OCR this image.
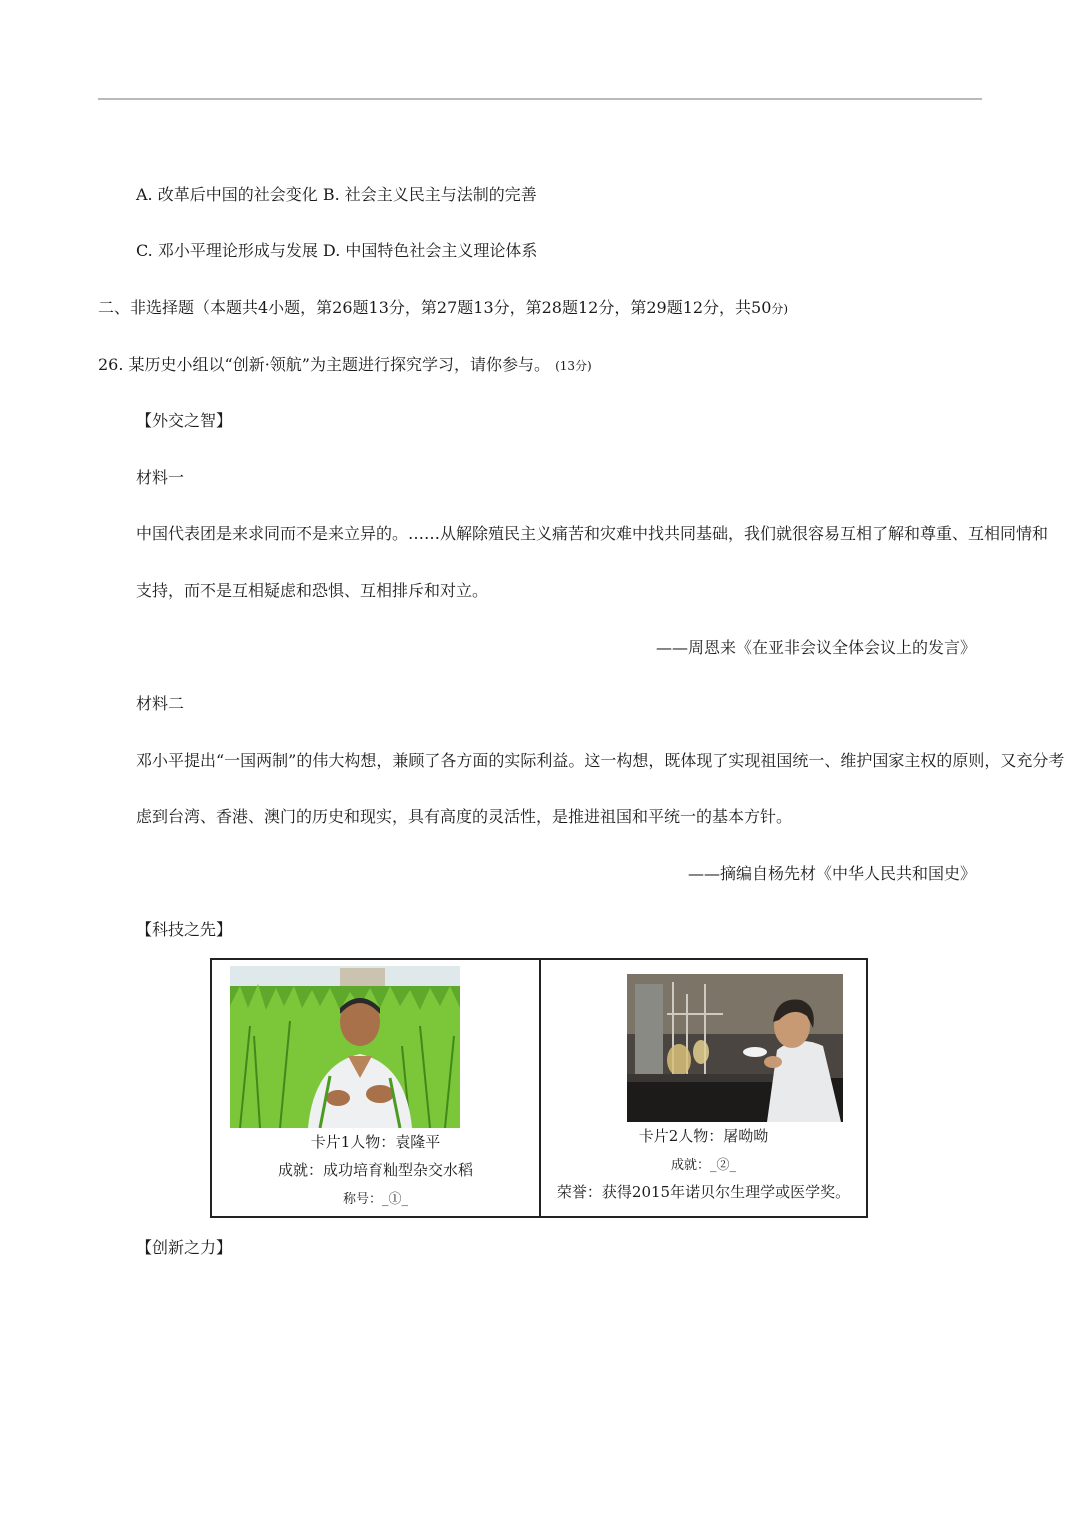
A. 改革后中国的社会变化 B. 社会主义民主与法制的完善
C. 邓小平理论形成与发展 D. 中国特色社会主义理论体系
二、非选择题（本题共4小题，第26题13分，第27题13分，第28题12分，第29题12分，共50分)
26. 某历史小组以“创新·领航”为主题进行探究学习，请你参与。 (13分)
【外交之智】
材料一
中国代表团是来求同而不是来立异的。……从解除殖民主义痛苦和灾难中找共同基础，我们就很容易互相了解和尊重、互相同情和
支持，而不是互相疑虑和恐惧、互相排斥和对立。
——周恩来《在亚非会议全体会议上的发言》
材料二
邓小平提出“一国两制”的伟大构想，兼顾了各方面的实际利益。这一构想，既体现了实现祖国统一、维护国家主权的原则，又充分考
虑到台湾、香港、澳门的历史和现实，具有高度的灵活性，是推进祖国和平统一的基本方针。
——摘编自杨先材《中华人民共和国史》
【科技之先】
卡片1人物：袁隆平
成就：成功培育籼型杂交水稻
称号：_①_
卡片2人物：屠呦呦
成就：_②_
荣誉：获得2015年诺贝尔生理学或医学奖。
【创新之力】
